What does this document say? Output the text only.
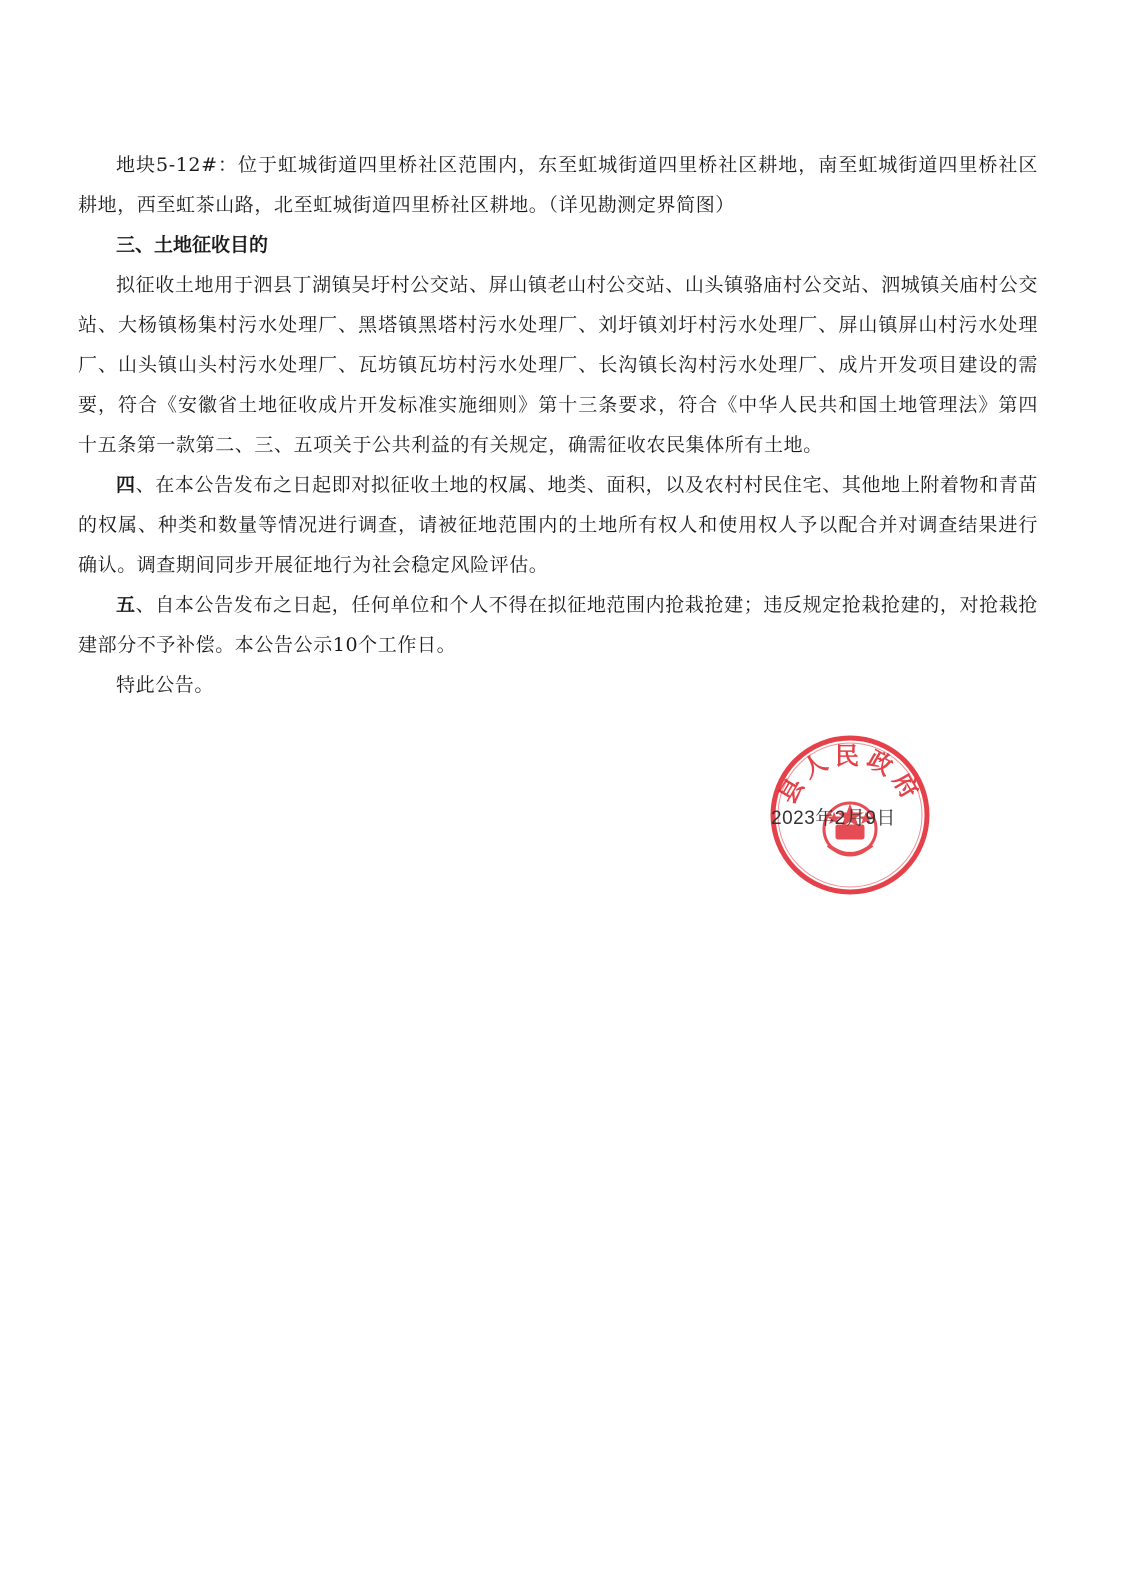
地块5-12#：位于虹城街道四里桥社区范围内，东至虹城街道四里桥社区耕地，南至虹城街道四里桥社区耕地，西至虹茶山路，北至虹城街道四里桥社区耕地。（详见勘测定界简图）

三、土地征收目的

拟征收土地用于泗县丁湖镇吴圩村公交站、屏山镇老山村公交站、山头镇骆庙村公交站、泗城镇关庙村公交站、大杨镇杨集村污水处理厂、黑塔镇黑塔村污水处理厂、刘圩镇刘圩村污水处理厂、屏山镇屏山村污水处理厂、山头镇山头村污水处理厂、瓦坊镇瓦坊村污水处理厂、长沟镇长沟村污水处理厂、成片开发项目建设的需要，符合《安徽省土地征收成片开发标准实施细则》第十三条要求，符合《中华人民共和国土地管理法》第四十五条第一款第二、三、五项关于公共利益的有关规定，确需征收农民集体所有土地。

四、在本公告发布之日起即对拟征收土地的权属、地类、面积，以及农村村民住宅、其他地上附着物和青苗的权属、种类和数量等情况进行调查，请被征地范围内的土地所有权人和使用权人予以配合并对调查结果进行确认。调查期间同步开展征地行为社会稳定风险评估。

五、自本公告发布之日起，任何单位和个人不得在拟征地范围内抢栽抢建；违反规定抢栽抢建的，对抢栽抢建部分不予补偿。本公告公示10个工作日。

特此公告。

县人民政府
2023年2月9日
